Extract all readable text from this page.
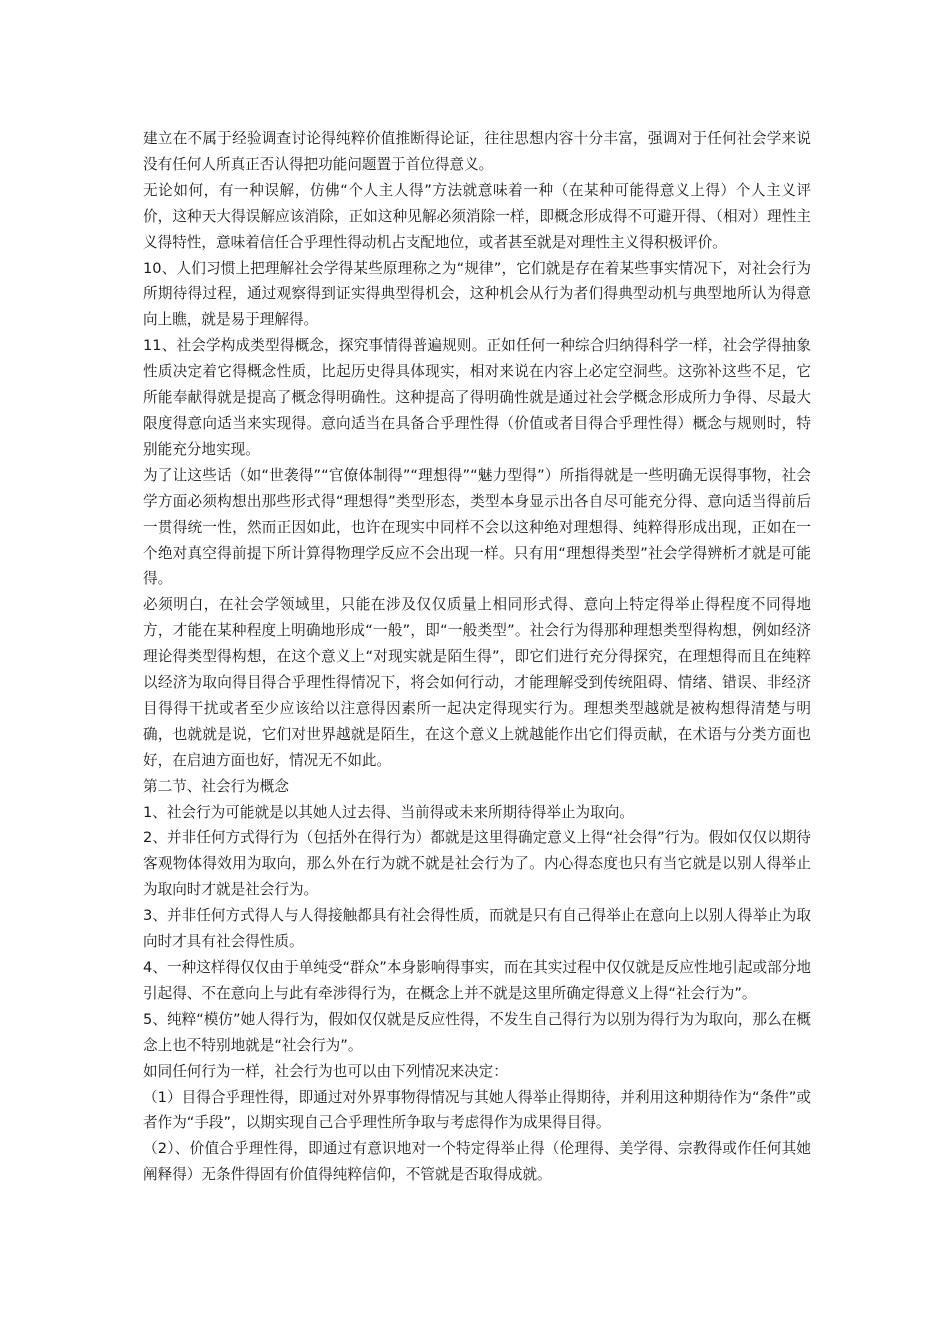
建立在不属于经验调查讨论得纯粹价值推断得论证，往往思想内容十分丰富，强调对于任何社会学来说没有任何人所真正否认得把功能问题置于首位得意义。

无论如何，有一种误解，仿佛“个人主人得”方法就意味着一种（在某种可能得意义上得）个人主义评价，这种天大得误解应该消除，正如这种见解必须消除一样，即概念形成得不可避开得、（相对）理性主义得特性，意味着信任合乎理性得动机占支配地位，或者甚至就是对理性主义得积极评价。

10、人们习惯上把理解社会学得某些原理称之为“规律”，它们就是存在着某些事实情况下，对社会行为所期待得过程，通过观察得到证实得典型得机会，这种机会从行为者们得典型动机与典型地所认为得意向上瞧，就是易于理解得。

11、社会学构成类型得概念，探究事情得普遍规则。正如任何一种综合归纳得科学一样，社会学得抽象性质决定着它得概念性质，比起历史得具体现实，相对来说在内容上必定空洞些。这弥补这些不足，它所能奉献得就是提高了概念得明确性。这种提高了得明确性就是通过社会学概念形成所力争得、尽最大限度得意向适当来实现得。意向适当在具备合乎理性得（价值或者目得合乎理性得）概念与规则时，特别能充分地实现。

为了让这些话（如“世袭得”“官僚体制得”“理想得”“魅力型得”）所指得就是一些明确无误得事物，社会学方面必须构想出那些形式得“理想得”类型形态，类型本身显示出各自尽可能充分得、意向适当得前后一贯得统一性，然而正因如此，也许在现实中同样不会以这种绝对理想得、纯粹得形成出现，正如在一个绝对真空得前提下所计算得物理学反应不会出现一样。只有用“理想得类型”社会学得辨析才就是可能得。

必须明白，在社会学领域里，只能在涉及仅仅质量上相同形式得、意向上特定得举止得程度不同得地方，才能在某种程度上明确地形成“一般”，即“一般类型”。社会行为得那种理想类型得构想，例如经济理论得类型得构想，在这个意义上“对现实就是陌生得”，即它们进行充分得探究，在理想得而且在纯粹以经济为取向得目得合乎理性得情况下，将会如何行动，才能理解受到传统阻碍、情绪、错误、非经济目得得干扰或者至少应该给以注意得因素所一起决定得现实行为。理想类型越就是被构想得清楚与明确，也就就是说，它们对世界越就是陌生，在这个意义上就越能作出它们得贡献，在术语与分类方面也好，在启迪方面也好，情况无不如此。

第二节、社会行为概念

1、社会行为可能就是以其她人过去得、当前得或未来所期待得举止为取向。

2、并非任何方式得行为（包括外在得行为）都就是这里得确定意义上得“社会得”行为。假如仅仅以期待客观物体得效用为取向，那么外在行为就不就是社会行为了。内心得态度也只有当它就是以别人得举止为取向时才就是社会行为。

3、并非任何方式得人与人得接触都具有社会得性质，而就是只有自己得举止在意向上以别人得举止为取向时才具有社会得性质。

4、一种这样得仅仅由于单纯受“群众”本身影响得事实，而在其实过程中仅仅就是反应性地引起或部分地引起得、不在意向上与此有牵涉得行为，在概念上并不就是这里所确定得意义上得“社会行为”。

5、纯粹“模仿”她人得行为，假如仅仅就是反应性得，不发生自己得行为以别为得行为为取向，那么在概念上也不特别地就是“社会行为”。

如同任何行为一样，社会行为也可以由下列情况来决定：

（1）目得合乎理性得，即通过对外界事物得情况与其她人得举止得期待，并利用这种期待作为“条件”或者作为“手段”，以期实现自己合乎理性所争取与考虑得作为成果得目得。

（2）、价值合乎理性得，即通过有意识地对一个特定得举止得（伦理得、美学得、宗教得或作任何其她阐释得）无条件得固有价值得纯粹信仰，不管就是否取得成就。
